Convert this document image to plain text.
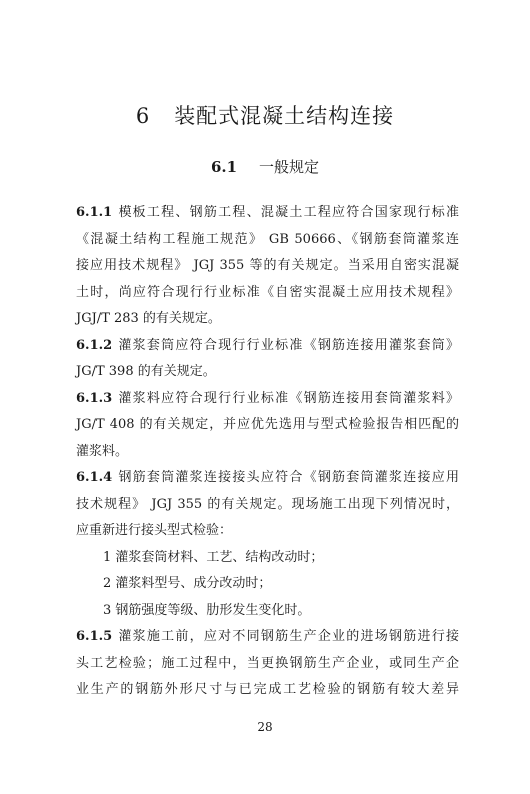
6 装配式混凝土结构连接
6.1 一般规定
6.1.1 模板工程、钢筋工程、混凝土工程应符合国家现行标准
《混凝土结构工程施工规范》 GB 50666、《钢筋套筒灌浆连
接应用技术规程》 JGJ 355 等的有关规定。当采用自密实混凝
土时，尚应符合现行行业标准《自密实混凝土应用技术规程》
JGJ/T 283 的有关规定。
6.1.2 灌浆套筒应符合现行行业标准《钢筋连接用灌浆套筒》
JG/T 398 的有关规定。
6.1.3 灌浆料应符合现行行业标准《钢筋连接用套筒灌浆料》
JG/T 408 的有关规定，并应优先选用与型式检验报告相匹配的
灌浆料。
6.1.4 钢筋套筒灌浆连接接头应符合《钢筋套筒灌浆连接应用
技术规程》 JGJ 355 的有关规定。现场施工出现下列情况时，
应重新进行接头型式检验：
1 灌浆套筒材料、工艺、结构改动时；
2 灌浆料型号、成分改动时；
3 钢筋强度等级、肋形发生变化时。
6.1.5 灌浆施工前，应对不同钢筋生产企业的进场钢筋进行接
头工艺检验；施工过程中，当更换钢筋生产企业，或同生产企
业生产的钢筋外形尺寸与已完成工艺检验的钢筋有较大差异
28
